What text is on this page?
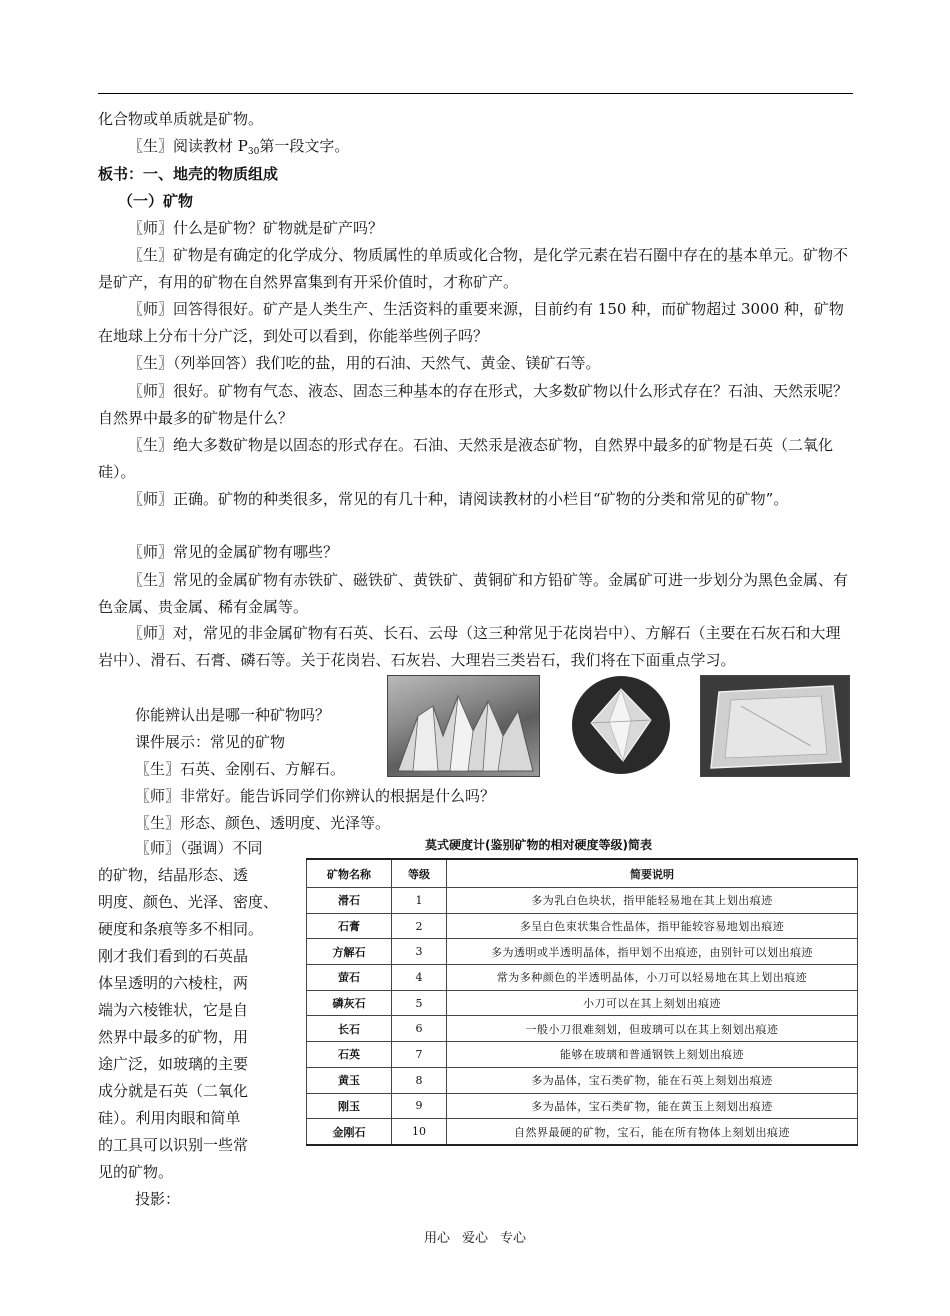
化合物或单质就是矿物。
〖生〗阅读教材 $P_{30}$第一段文字。
板书：一、地壳的物质组成
（一）矿物

〖师〗什么是矿物？矿物就是矿产吗？

〖生〗矿物是有确定的化学成分、物质属性的单质或化合物，是化学元素在岩石圈中存在的基本单元。矿物不是矿产，有用的矿物在自然界富集到有开采价值时，才称矿产。

〖师〗回答得很好。矿产是人类生产、生活资料的重要来源，目前约有 150 种，而矿物超过 3000 种，矿物在地球上分布十分广泛，到处可以看到，你能举些例子吗？

〖生〗（列举回答）我们吃的盐，用的石油、天然气、黄金、镁矿石等。

〖师〗很好。矿物有气态、液态、固态三种基本的存在形式，大多数矿物以什么形式存在？石油、天然汞呢？自然界中最多的矿物是什么？

〖生〗绝大多数矿物是以固态的形式存在。石油、天然汞是液态矿物，自然界中最多的矿物是石英（二氧化硅）。

〖师〗正确。矿物的种类很多，常见的有几十种，请阅读教材的小栏目“矿物的分类和常见的矿物”。

〖师〗常见的金属矿物有哪些？

〖生〗常见的金属矿物有赤铁矿、磁铁矿、黄铁矿、黄铜矿和方铅矿等。金属矿可进一步划分为黑色金属、有色金属、贵金属、稀有金属等。

〖师〗对，常见的非金属矿物有石英、长石、云母（这三种常见于花岗岩中）、方解石（主要在石灰石和大理岩中）、滑石、石膏、磷石等。关于花岗岩、石灰岩、大理岩三类岩石，我们将在下面重点学习。

你能辨认出是哪一种矿物吗？
课件展示：常见的矿物
〖生〗石英、金刚石、方解石。
〖师〗非常好。能告诉同学们你辨认的根据是什么吗？
〖生〗形态、颜色、透明度、光泽等。
〖师〗（强调）不同
的矿物，结晶形态、透
明度、颜色、光泽、密度、
硬度和条痕等多不相同。
刚才我们看到的石英晶
体呈透明的六棱柱，两
端为六棱锥状，它是自
然界中最多的矿物，用
途广泛，如玻璃的主要
成分就是石英（二氧化
硅）。利用肉眼和简单
的工具可以识别一些常
见的矿物。
投影：
莫式硬度计(鉴别矿物的相对硬度等级)简表
矿物名称	等级	简要说明
滑石	1	多为乳白色块状，指甲能轻易地在其上划出痕迹
石膏	2	多呈白色束状集合性晶体，指甲能较容易地划出痕迹
方解石	3	多为透明或半透明晶体，指甲划不出痕迹，由别针可以划出痕迹
萤石	4	常为多种颜色的半透明晶体，小刀可以轻易地在其上划出痕迹
磷灰石	5	小刀可以在其上刻划出痕迹
长石	6	一般小刀很难刻划，但玻璃可以在其上刻划出痕迹
石英	7	能够在玻璃和普通钢铁上刻划出痕迹
黄玉	8	多为晶体，宝石类矿物，能在石英上刻划出痕迹
刚玉	9	多为晶体，宝石类矿物，能在黄玉上刻划出痕迹
金刚石	10	自然界最硬的矿物，宝石，能在所有物体上刻划出痕迹
用心 爱心 专心
